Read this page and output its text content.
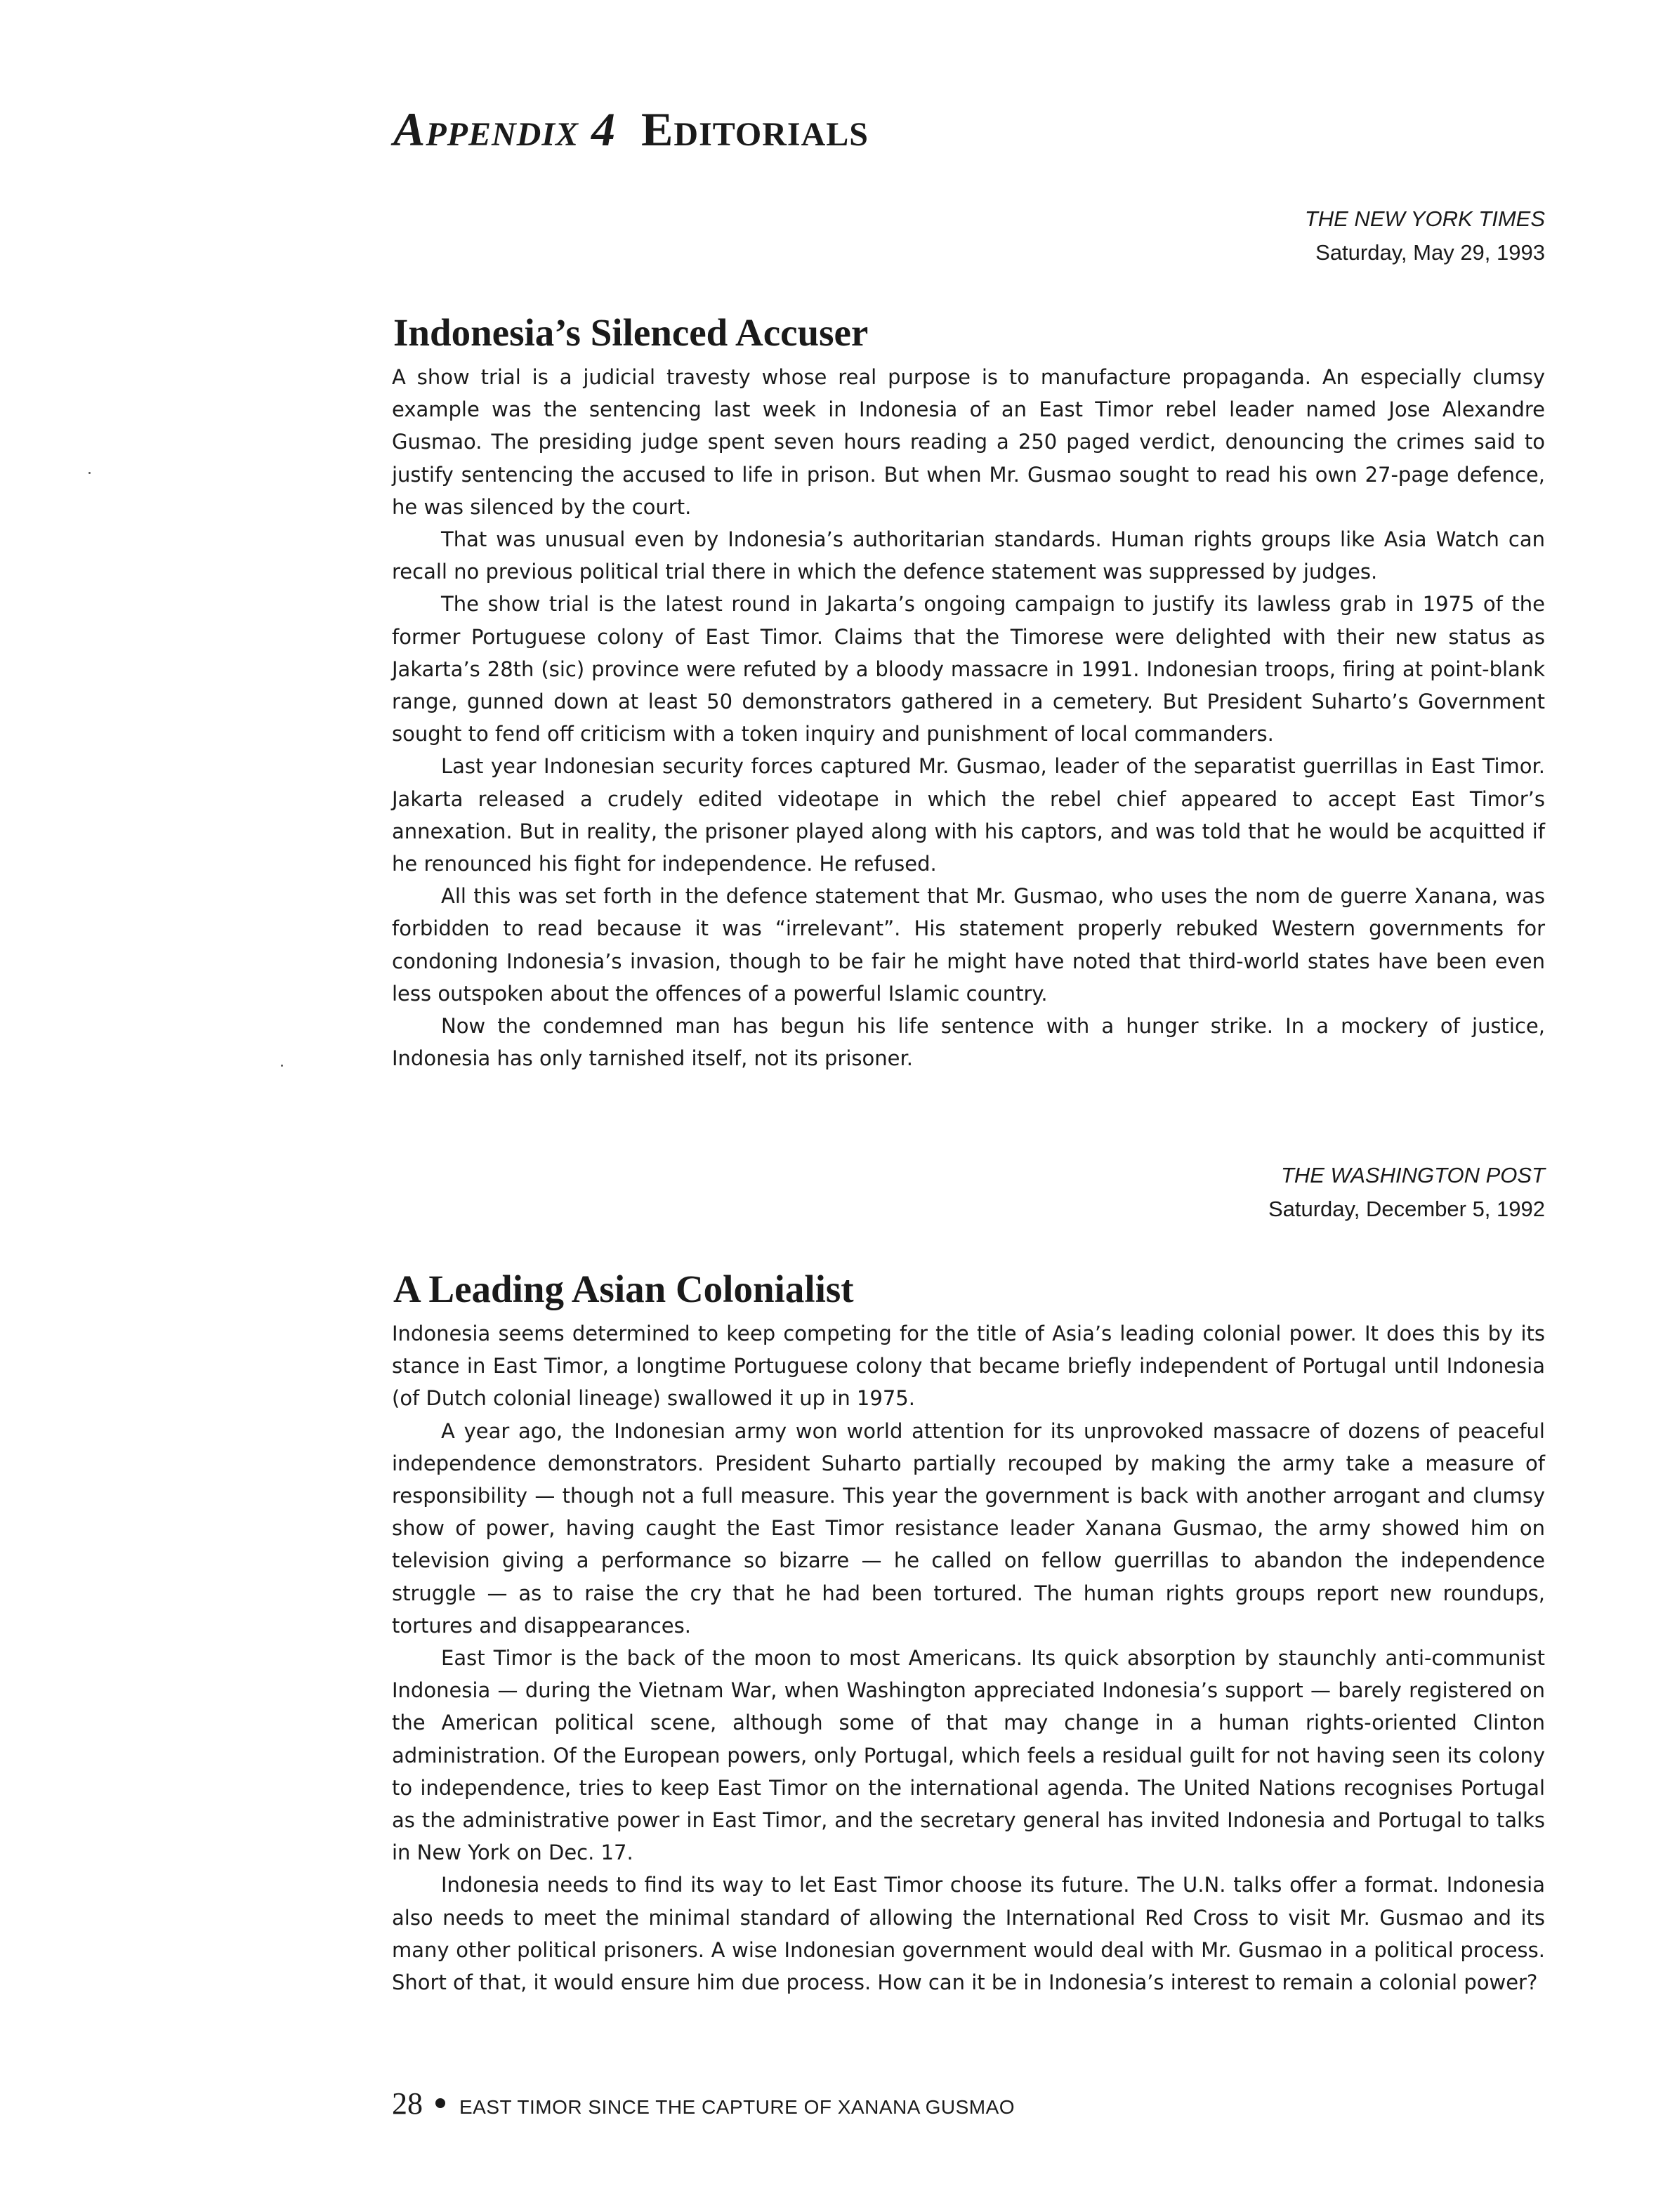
Appendix 4 Editorials
THE NEW YORK TIMES
Saturday, May 29, 1993
Indonesia’s Silenced Accuser

A show trial is a judicial travesty whose real purpose is to manufacture propaganda. An especially clumsy example was the sentencing last week in Indonesia of an East Timor rebel leader named Jose Alexandre Gusmao. The presiding judge spent seven hours reading a 250 paged verdict, denouncing the crimes said to justify sentencing the accused to life in prison. But when Mr. Gusmao sought to read his own 27-page defence, he was silenced by the court.

That was unusual even by Indonesia’s authoritarian standards. Human rights groups like Asia Watch can recall no previous political trial there in which the defence statement was suppressed by judges.

The show trial is the latest round in Jakarta’s ongoing campaign to justify its lawless grab in 1975 of the former Portuguese colony of East Timor. Claims that the Timorese were delighted with their new status as Jakarta’s 28th (sic) province were refuted by a bloody massacre in 1991. Indonesian troops, firing at point-blank range, gunned down at least 50 demonstrators gathered in a cemetery. But President Suharto’s Government sought to fend off criticism with a token inquiry and punishment of local commanders.

Last year Indonesian security forces captured Mr. Gusmao, leader of the separatist guerrillas in East Timor. Jakarta released a crudely edited videotape in which the rebel chief appeared to accept East Timor’s annexation. But in reality, the prisoner played along with his captors, and was told that he would be acquitted if he renounced his fight for independence. He refused.

All this was set forth in the defence statement that Mr. Gusmao, who uses the nom de guerre Xanana, was forbidden to read because it was “irrelevant”. His statement properly rebuked Western governments for condoning Indonesia’s invasion, though to be fair he might have noted that third-world states have been even less outspoken about the offences of a powerful Islamic country.

Now the condemned man has begun his life sentence with a hunger strike. In a mockery of justice, Indonesia has only tarnished itself, not its prisoner.

THE WASHINGTON POST
Saturday, December 5, 1992
A Leading Asian Colonialist

Indonesia seems determined to keep competing for the title of Asia’s leading colonial power. It does this by its stance in East Timor, a longtime Portuguese colony that became briefly independent of Portugal until Indonesia (of Dutch colonial lineage) swallowed it up in 1975.

A year ago, the Indonesian army won world attention for its unprovoked massacre of dozens of peaceful independence demonstrators. President Suharto partially recouped by making the army take a measure of responsibility — though not a full measure. This year the government is back with another arrogant and clumsy show of power, having caught the East Timor resistance leader Xanana Gusmao, the army showed him on television giving a performance so bizarre — he called on fellow guerrillas to abandon the independence struggle — as to raise the cry that he had been tortured. The human rights groups report new roundups, tortures and disappearances.

East Timor is the back of the moon to most Americans. Its quick absorption by staunchly anti-communist Indonesia — during the Vietnam War, when Washington appreciated Indonesia’s support — barely registered on the American political scene, although some of that may change in a human rights-oriented Clinton administration. Of the European powers, only Portugal, which feels a residual guilt for not having seen its colony to independence, tries to keep East Timor on the international agenda. The United Nations recognises Portugal as the administrative power in East Timor, and the secretary general has invited Indonesia and Portugal to talks in New York on Dec. 17.

Indonesia needs to find its way to let East Timor choose its future. The U.N. talks offer a format. Indonesia also needs to meet the minimal standard of allowing the International Red Cross to visit Mr. Gusmao and its many other political prisoners. A wise Indonesian government would deal with Mr. Gusmao in a political process. Short of that, it would ensure him due process. How can it be in Indonesia’s interest to remain a colonial power?

28 EAST TIMOR SINCE THE CAPTURE OF XANANA GUSMAO
